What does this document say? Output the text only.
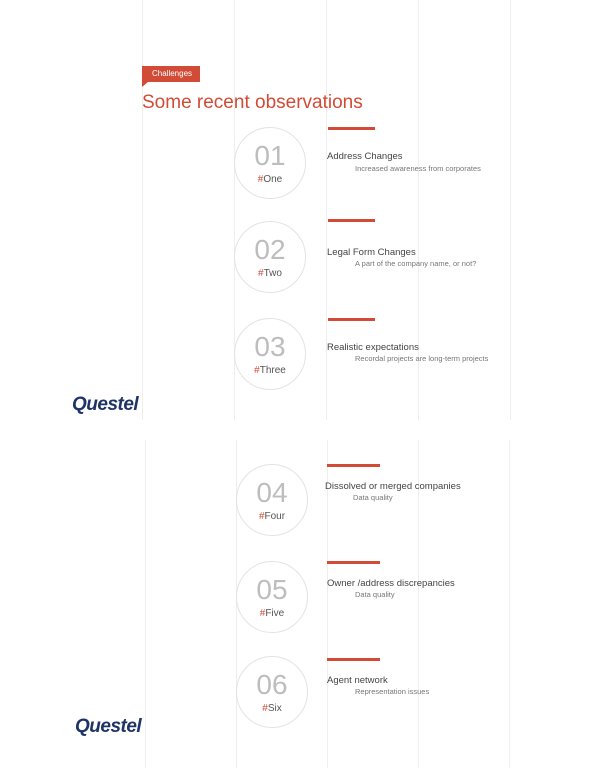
Challenges
Some recent observations
01
#One
Address Changes
Increased awareness from corporates
02
#Two
Legal Form Changes
A part of the company name, or not?
03
#Three
Realistic expectations
Recordal projects are long-term projects
Questel
04
#Four
Dissolved or merged companies
Data quality
05
#Five
Owner /address discrepancies
Data quality
06
#Six
Agent network
Representation issues
Questel
